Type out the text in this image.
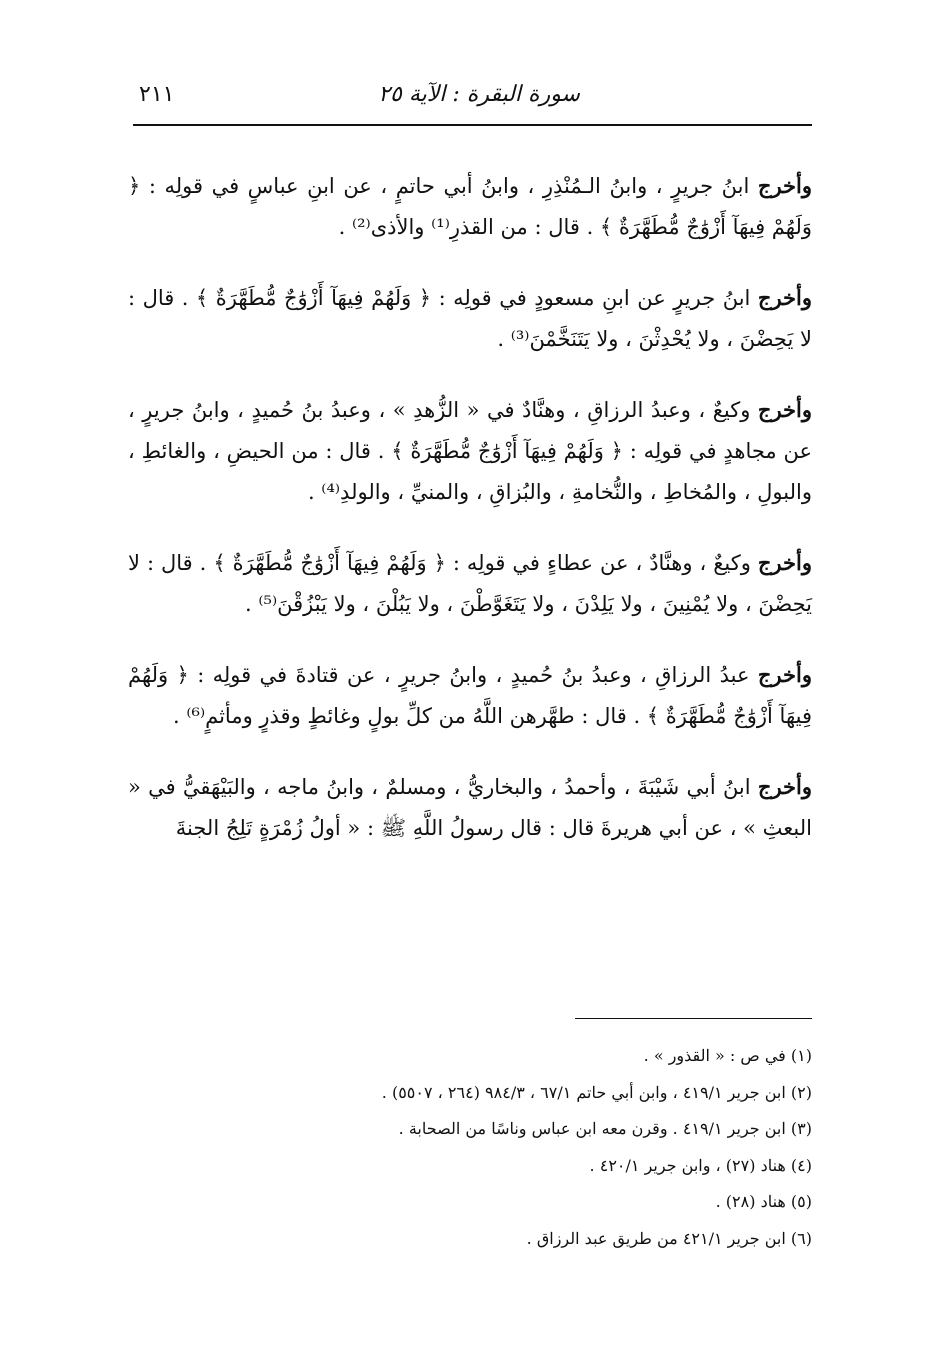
سورة البقرة : الآية ٢٥
٢١١

وأخرج ابنُ جريرٍ ، وابنُ الـمُنْذِرِ ، وابنُ أبي حاتمٍ ، عن ابنِ عباسٍ في قولِه : ﴿ وَلَهُمْ فِيهَآ أَزْوَٰجٌ مُّطَهَّرَةٌ ﴾ . قال : من القذرِ⁽¹⁾ والأذى⁽²⁾ .

وأخرج ابنُ جريرٍ عن ابنِ مسعودٍ في قولِه : ﴿ وَلَهُمْ فِيهَآ أَزْوَٰجٌ مُّطَهَّرَةٌ ﴾ . قال : لا يَحِضْنَ ، ولا يُحْدِثْنَ ، ولا يَتَنَخَّمْنَ⁽³⁾ .

وأخرج وكيعٌ ، وعبدُ الرزاقِ ، وهنَّادٌ في « الزُّهدِ » ، وعبدُ بنُ حُميدٍ ، وابنُ جريرٍ ، عن مجاهدٍ في قولِه : ﴿ وَلَهُمْ فِيهَآ أَزْوَٰجٌ مُّطَهَّرَةٌ ﴾ . قال : من الحيضِ ، والغائطِ ، والبولِ ، والمُخاطِ ، والنُّخامةِ ، والبُزاقِ ، والمنيِّ ، والولدِ⁽⁴⁾ .

وأخرج وكيعٌ ، وهنَّادٌ ، عن عطاءٍ في قولِه : ﴿ وَلَهُمْ فِيهَآ أَزْوَٰجٌ مُّطَهَّرَةٌ ﴾ . قال : لا يَحِضْنَ ، ولا يُمْنِينَ ، ولا يَلِدْنَ ، ولا يَتَغَوَّطْنَ ، ولا يَبُلْنَ ، ولا يَبْزُقْنَ⁽⁵⁾ .

وأخرج عبدُ الرزاقِ ، وعبدُ بنُ حُميدٍ ، وابنُ جريرٍ ، عن قتادةَ في قولِه : ﴿ وَلَهُمْ فِيهَآ أَزْوَٰجٌ مُّطَهَّرَةٌ ﴾ . قال : طهَّرهن اللَّهُ من كلِّ بولٍ وغائطٍ وقذرٍ ومأثمٍ⁽⁶⁾ .

وأخرج ابنُ أبي شَيْبَةَ ، وأحمدُ ، والبخاريُّ ، ومسلمٌ ، وابنُ ماجه ، والبَيْهَقيُّ في « البعثِ » ، عن أبي هريرةَ قال : قال رسولُ اللَّهِ ﷺ : « أولُ زُمْرَةٍ تَلِجُ الجنةَ

(١) في ص : « القذور » .
(٢) ابن جرير ٤١٩/١ ، وابن أبي حاتم ٦٧/١ ، ٩٨٤/٣ (٢٦٤ ، ٥٥٠٧) .
(٣) ابن جرير ٤١٩/١ . وقرن معه ابن عباس وناسًا من الصحابة .
(٤) هناد (٢٧) ، وابن جرير ٤٢٠/١ .
(٥) هناد (٢٨) .
(٦) ابن جرير ٤٢١/١ من طريق عبد الرزاق .
